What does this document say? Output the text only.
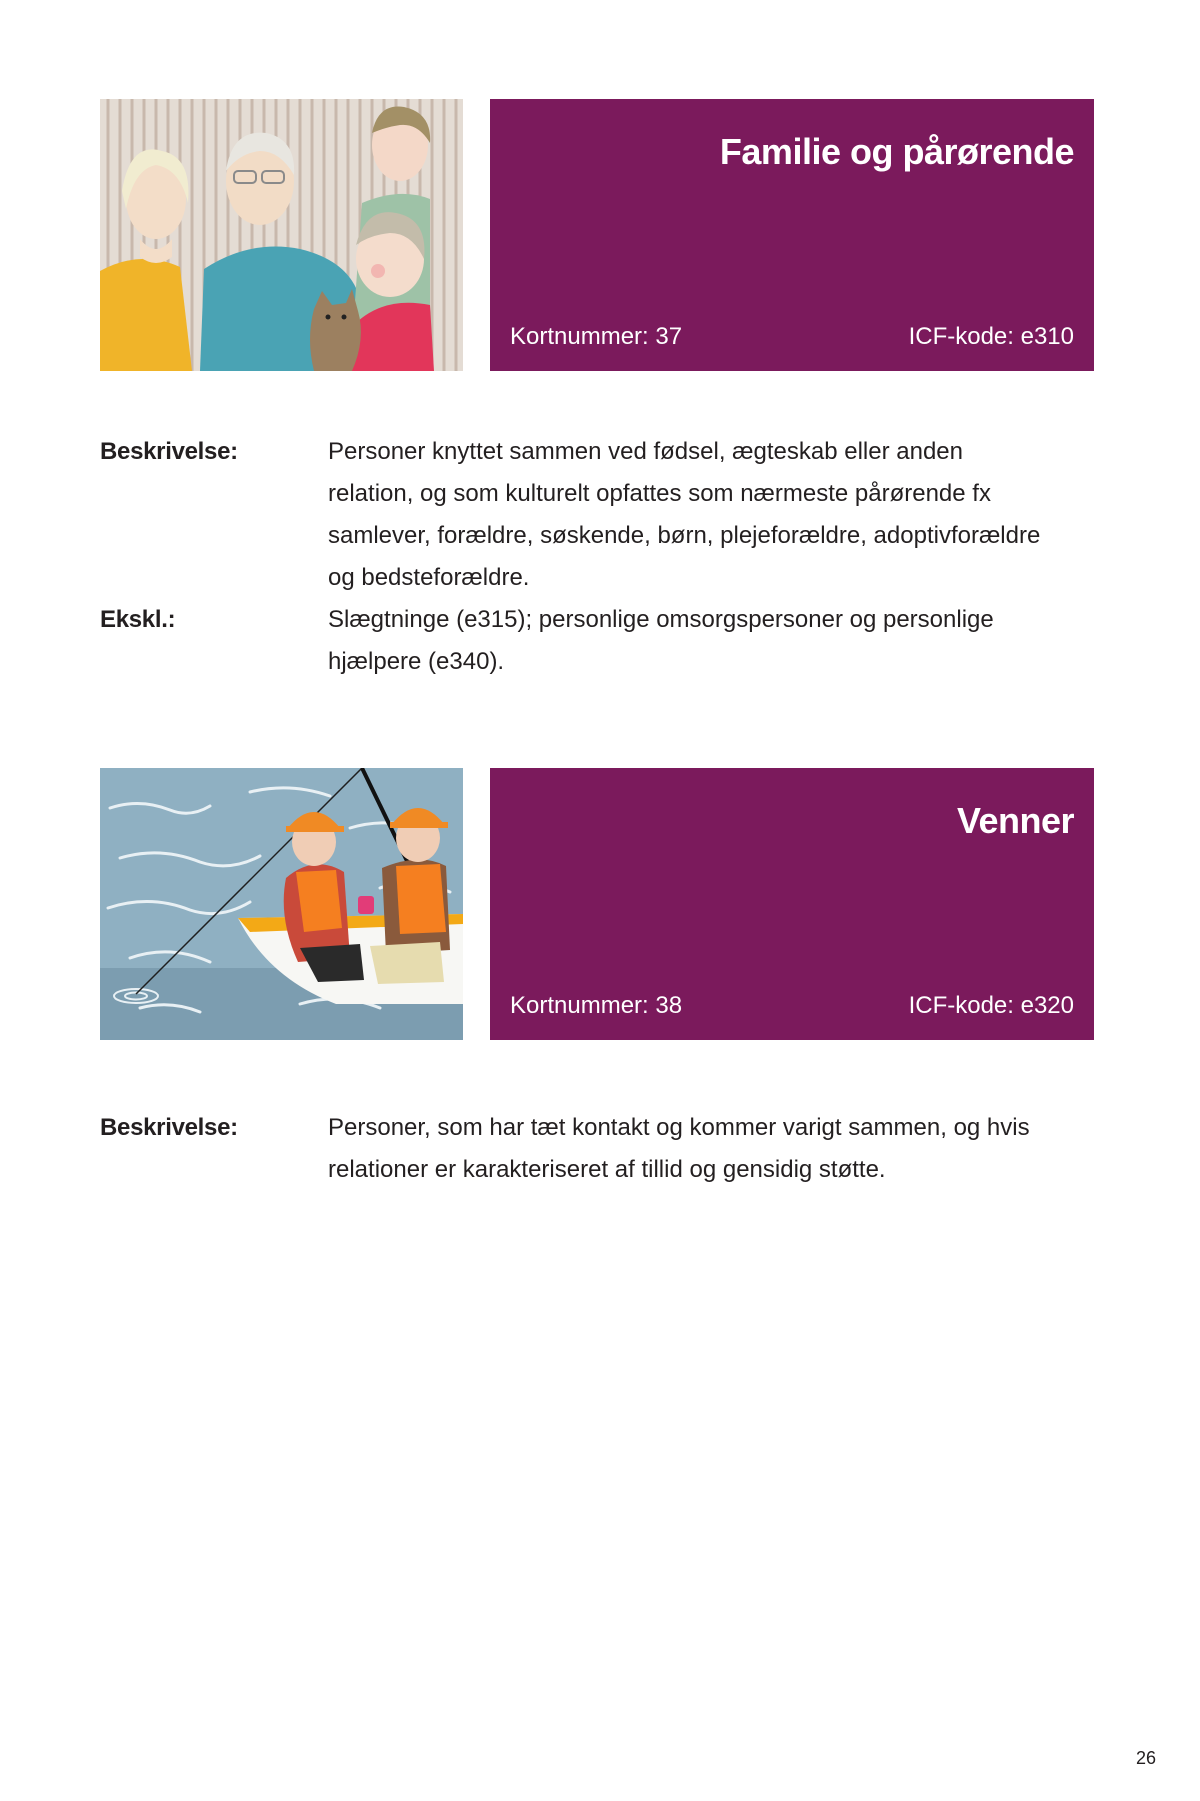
Familie og pårørende
Kortnummer: 37	ICF-kode: e310
Beskrivelse:	Personer knyttet sammen ved fødsel, ægteskab eller anden
relation, og som kulturelt opfattes som nærmeste pårørende fx
samlever, forældre, søskende, børn, plejeforældre, adoptivforældre
og bedsteforældre.
Ekskl.:	Slægtninge (e315); personlige omsorgspersoner og personlige
hjælpere (e340).
Venner
Kortnummer: 38	ICF-kode: e320
Beskrivelse:	Personer, som har tæt kontakt og kommer varigt sammen, og hvis
relationer er karakteriseret af tillid og gensidig støtte.
26
